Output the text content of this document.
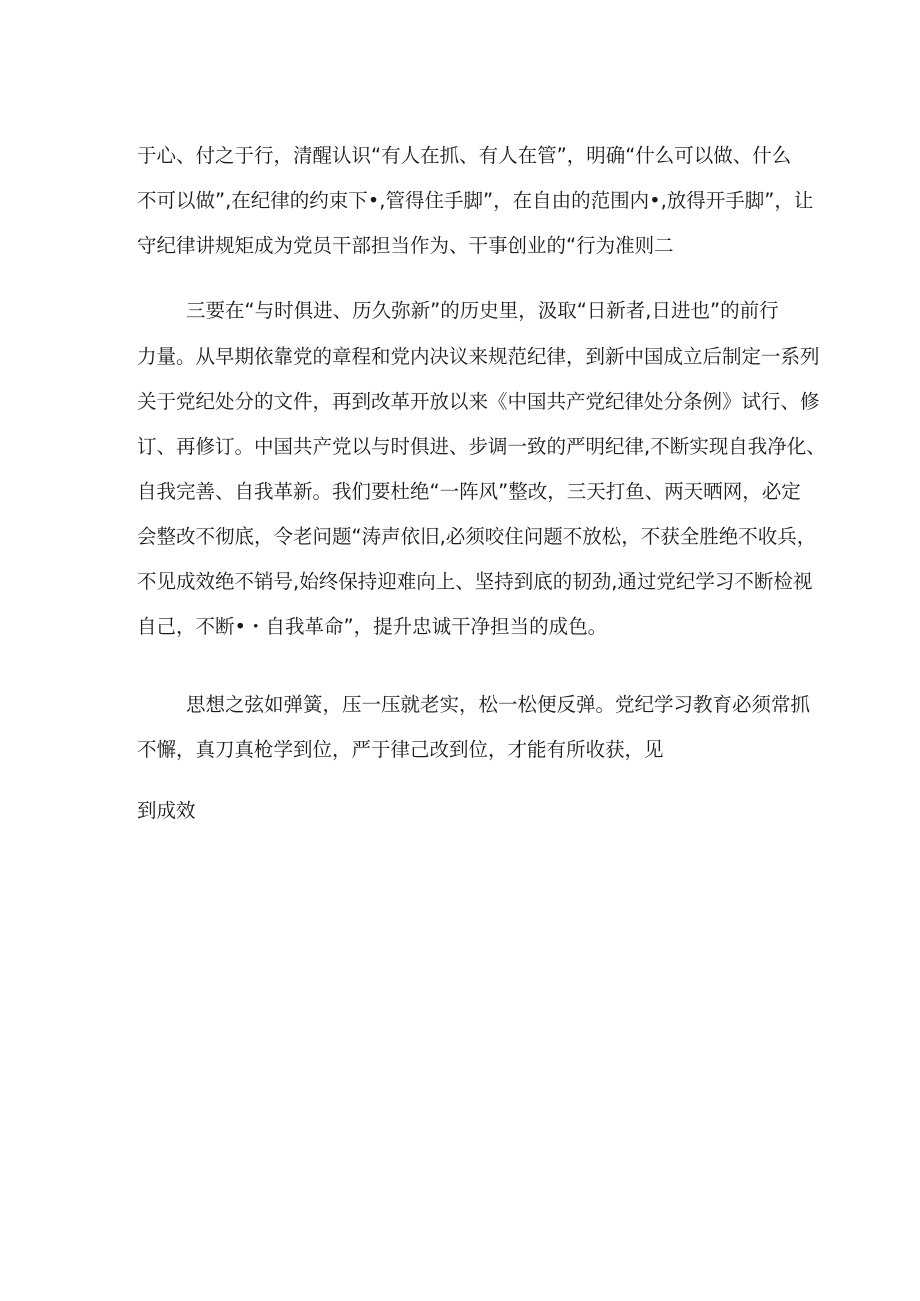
于心、付之于行，清醒认识“有人在抓、有人在管”，明确“什么可以做、什么
不可以做”,在纪律的约束下•,管得住手脚”，在自由的范围内•,放得开手脚”，让
守纪律讲规矩成为党员干部担当作为、干事创业的“行为准则二
三要在“与时俱进、历久弥新”的历史里，汲取“日新者,日进也”的前行
力量。从早期依靠党的章程和党内决议来规范纪律，到新中国成立后制定一系列
关于党纪处分的文件，再到改革开放以来《中国共产党纪律处分条例》试行、修
订、再修订。中国共产党以与时俱进、步调一致的严明纪律,不断实现自我净化、
自我完善、自我革新。我们要杜绝“一阵风”整改，三天打鱼、两天晒网，必定
会整改不彻底，令老问题“涛声依旧,必须咬住问题不放松，不获全胜绝不收兵，
不见成效绝不销号,始终保持迎难向上、坚持到底的韧劲,通过党纪学习不断检视
自己，不断•・自我革命”，提升忠诚干净担当的成色。
思想之弦如弹簧，压一压就老实，松一松便反弹。党纪学习教育必须常抓
不懈，真刀真枪学到位，严于律己改到位，才能有所收获，见
到成效
